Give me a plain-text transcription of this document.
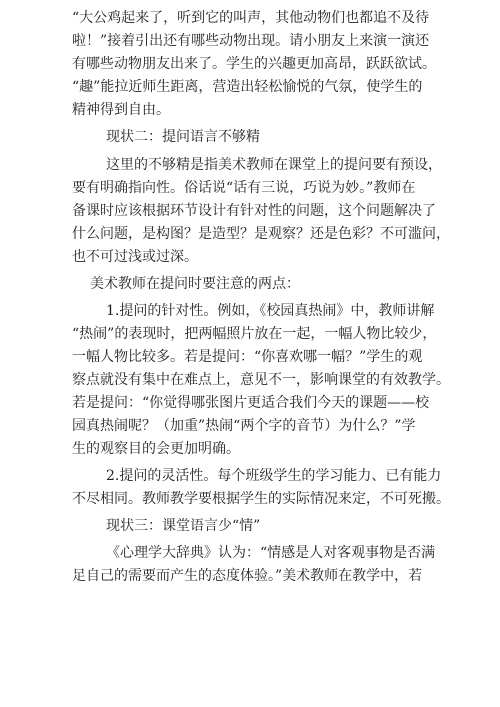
“大公鸡起来了，听到它的叫声，其他动物们也都追不及待
啦！”接着引出还有哪些动物出现。请小朋友上来演一演还
有哪些动物朋友出来了。学生的兴趣更加高昂，跃跃欲试。
“趣”能拉近师生距离，营造出轻松愉悦的气氛，使学生的
精神得到自由。
现状二：提问语言不够精
这里的不够精是指美术教师在课堂上的提问要有预设，
要有明确指向性。俗话说“话有三说，巧说为妙。”教师在
备课时应该根据环节设计有针对性的问题，这个问题解决了
什么问题，是构图？是造型？是观察？还是色彩？不可滥问，
也不可过浅或过深。
美术教师在提问时要注意的两点：
1.提问的针对性。例如，《校园真热闹》中，教师讲解
“热闹”的表现时，把两幅照片放在一起，一幅人物比较少，
一幅人物比较多。若是提问：“你喜欢哪一幅？”学生的观
察点就没有集中在难点上，意见不一，影响课堂的有效教学。
若是提问：“你觉得哪张图片更适合我们今天的课题——校
园真热闹呢？（加重”热闹“两个字的音节）为什么？”学
生的观察目的会更加明确。
2.提问的灵活性。每个班级学生的学习能力、已有能力
不尽相同。教师教学要根据学生的实际情况来定，不可死搬。
现状三：课堂语言少“情”
《心理学大辞典》认为：“情感是人对客观事物是否满
足自己的需要而产生的态度体验。”美术教师在教学中，若
